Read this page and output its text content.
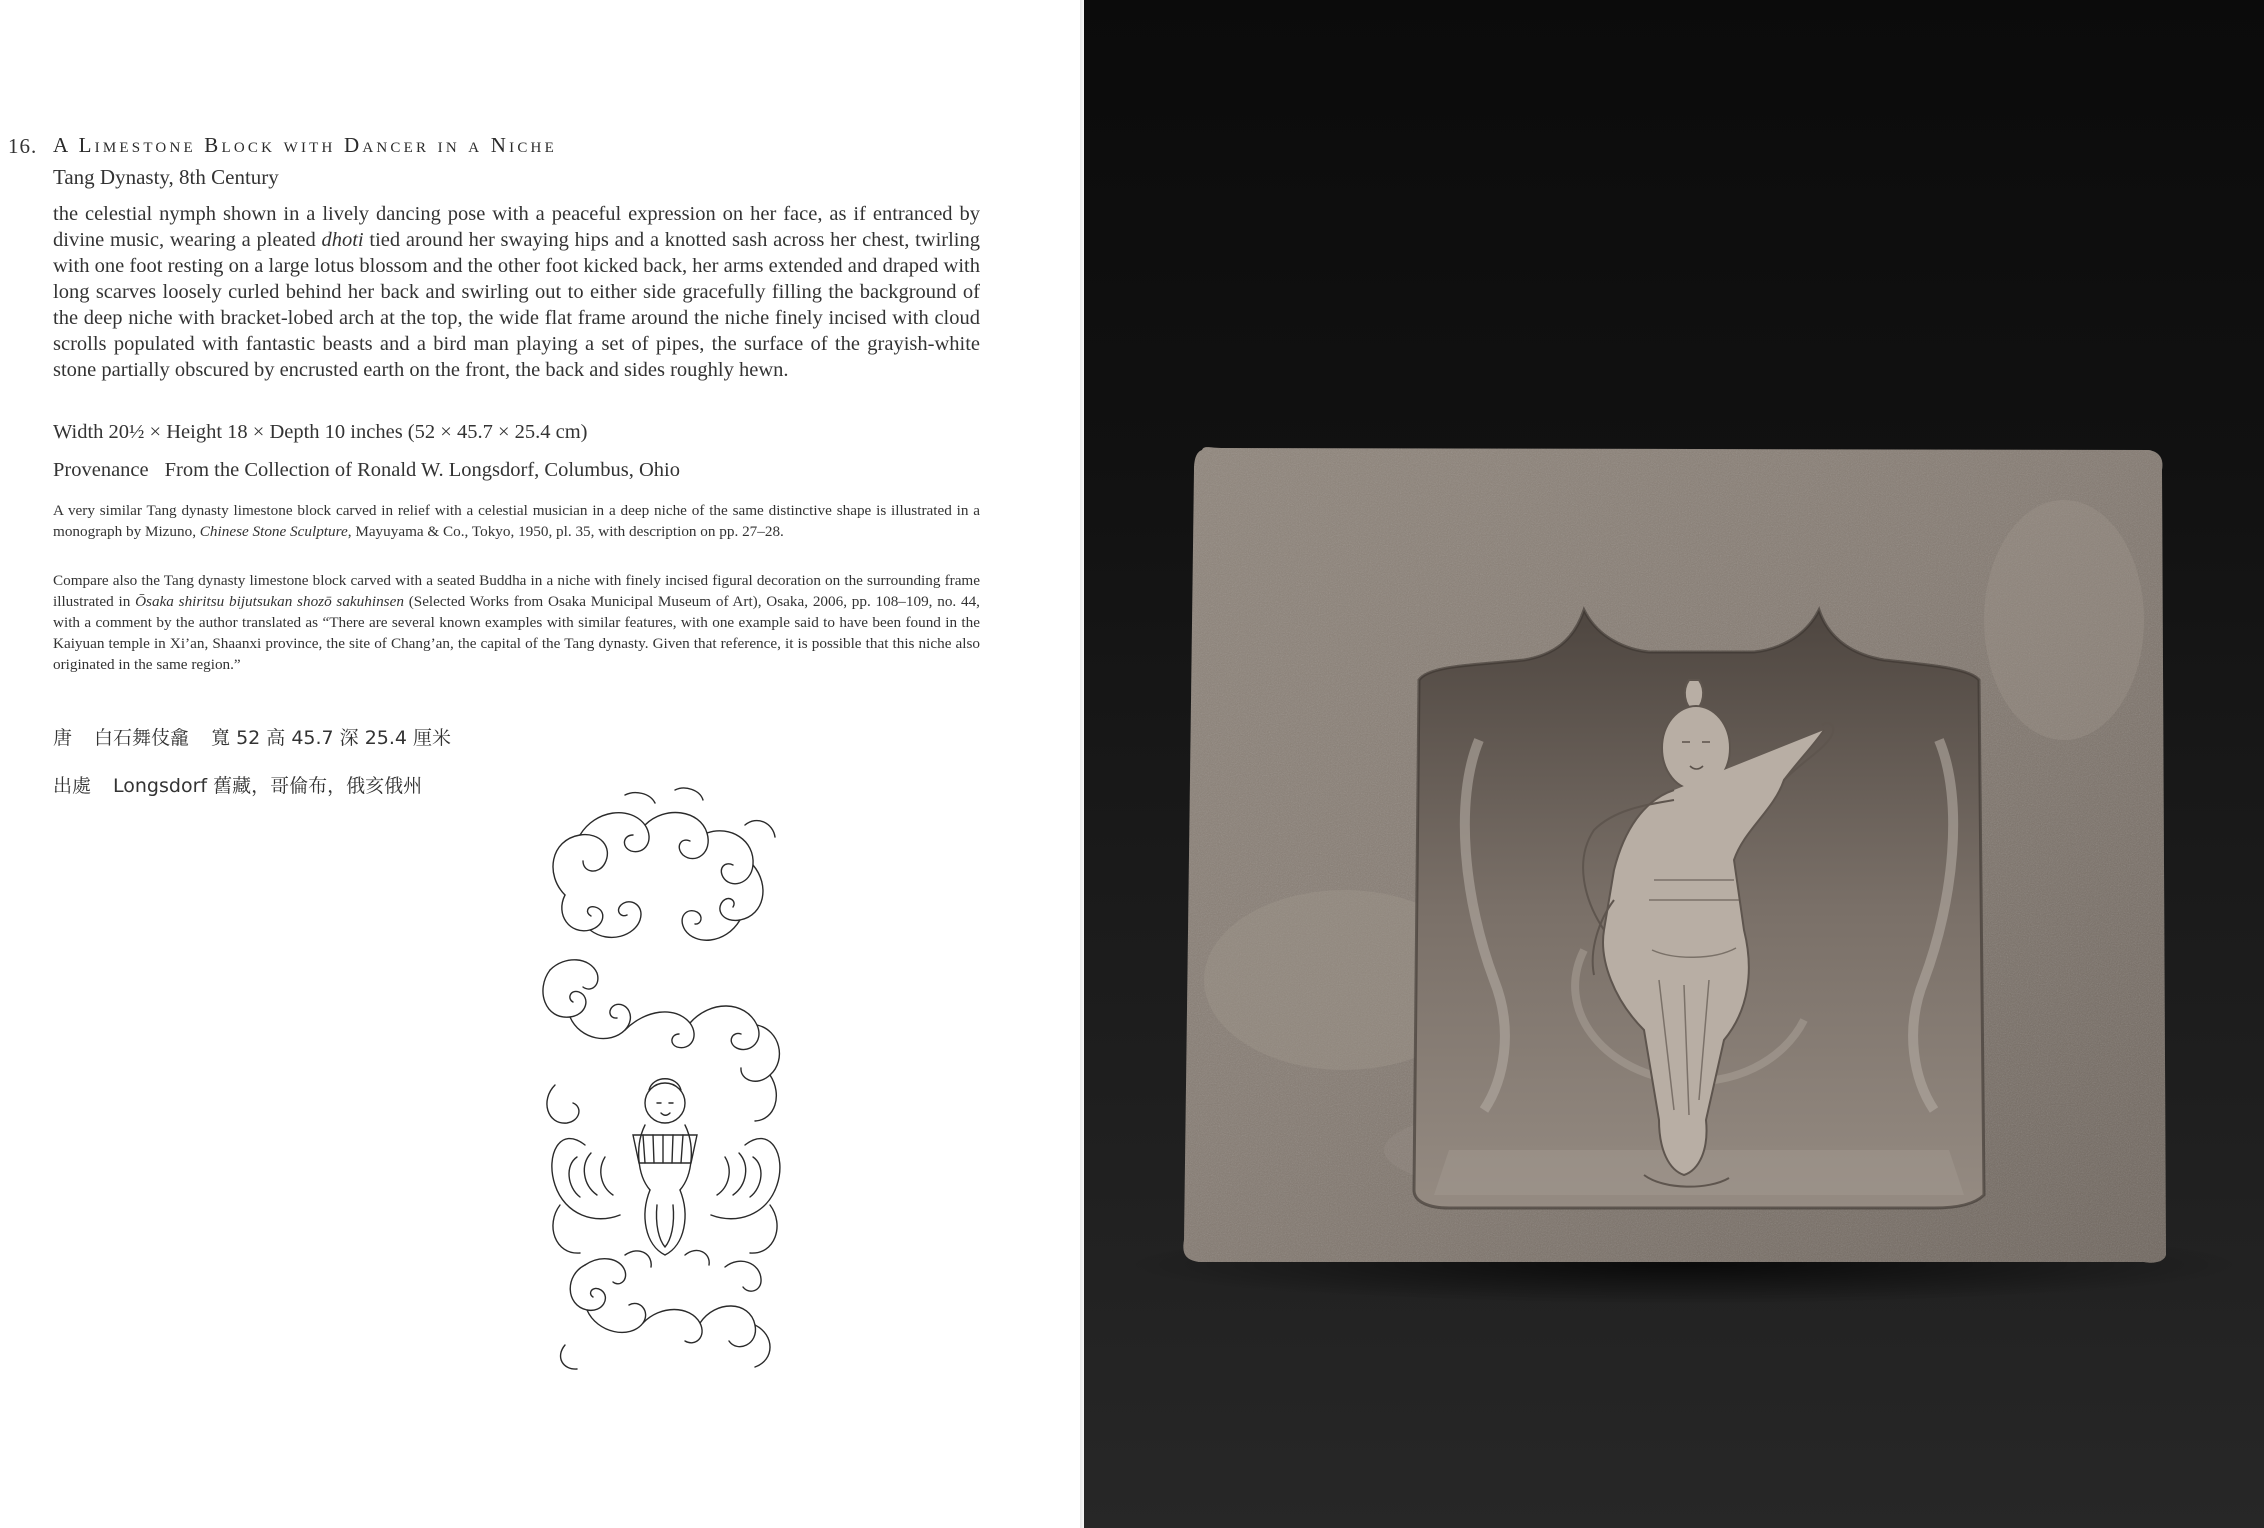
16. A Limestone Block with Dancer in a Niche
Tang Dynasty, 8th Century
the celestial nymph shown in a lively dancing pose with a peaceful expression on her face, as if entranced by divine music, wearing a pleated dhoti tied around her swaying hips and a knotted sash across her chest, twirling with one foot resting on a large lotus blossom and the other foot kicked back, her arms extended and draped with long scarves loosely curled behind her back and swirling out to either side gracefully filling the background of the deep niche with bracket-lobed arch at the top, the wide flat frame around the niche finely incised with cloud scrolls populated with fantastic beasts and a bird man playing a set of pipes, the surface of the grayish-white stone partially obscured by encrusted earth on the front, the back and sides roughly hewn.
Width 20½ × Height 18 × Depth 10 inches (52 × 45.7 × 25.4 cm)
Provenance From the Collection of Ronald W. Longsdorf, Columbus, Ohio
A very similar Tang dynasty limestone block carved in relief with a celestial musician in a deep niche of the same distinctive shape is illustrated in a monograph by Mizuno, Chinese Stone Sculpture, Mayuyama & Co., Tokyo, 1950, pl. 35, with description on pp. 27–28.
Compare also the Tang dynasty limestone block carved with a seated Buddha in a niche with finely incised figural decoration on the surrounding frame illustrated in Ōsaka shiritsu bijutsukan shozō sakuhinsen (Selected Works from Osaka Municipal Museum of Art), Osaka, 2006, pp. 108–109, no. 44, with a comment by the author translated as “There are several known examples with similar features, with one example said to have been found in the Kaiyuan temple in Xi’an, Shaanxi province, the site of Chang’an, the capital of the Tang dynasty. Given that reference, it is possible that this niche also originated in the same region.”
唐 白石舞伎龕 寬 52 高 45.7 深 25.4 厘米
出處 Longsdorf 舊藏，哥倫布，俄亥俄州
